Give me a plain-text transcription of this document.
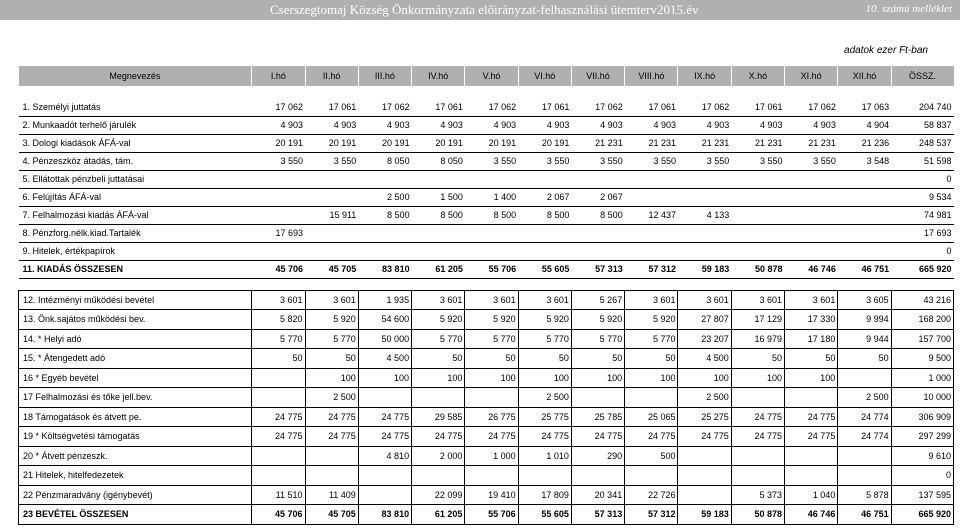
Cserszegtomaj Község Önkormányzata előirányzat-felhasználási ütemterv2015.év	10. számú melléklet
.... ..
adatok ezer Ft-ban
Megnevezés	I.hó	II.hó	III.hó	IV.hó	V.hó	VI.hó	VII.hó	VIII.hó	IX.hó	X.hó	XI.hó	XII.hó	ÖSSZ.

1. Személyi juttatás	17 062	17 061	17 062	17 061	17 062	17 061	17 062	17 061	17 062	17 061	17 062	17 063	204 740
2. Munkaadót terhelő járulék	4 903	4 903	4 903	4 903	4 903	4 903	4 903	4 903	4 903	4 903	4 903	4 904	58 837
3. Dologi kiadások ÁFÁ-val	20 191	20 191	20 191	20 191	20 191	20 191	21 231	21 231	21 231	21 231	21 231	21 236	248 537
4. Pénzeszköz átadás, tám.	3 550	3 550	8 050	8 050	3 550	3 550	3 550	3 550	3 550	3 550	3 550	3 548	51 598
5. Ellátottak pénzbeli juttatásai													0
6. Felújítás ÁFÁ-val			2 500	1 500	1 400	2 067	2 067						9 534
7. Felhalmozási kiadás ÁFÁ-val		15 911	8 500	8 500	8 500	8 500	8 500	12 437	4 133				74 981
8. Pénzforg.nélk.kiad.Tartalék	17 693												17 693
9. Hitelek, értékpapírok													0
11. KIADÁS ÖSSZESEN	45 706	45 705	83 810	61 205	55 706	55 605	57 313	57 312	59 183	50 878	46 746	46 751	665 920

12. Intézményi működési bevétel	3 601	3 601	1 935	3 601	3 601	3 601	5 267	3 601	3 601	3 601	3 601	3 605	43 216
13. Önk.sajátos működési bev.	5 820	5 920	54 600	5 920	5 920	5 920	5 920	5 920	27 807	17 129	17 330	9 994	168 200
14. * Helyi adó	5 770	5 770	50 000	5 770	5 770	5 770	5 770	5 770	23 207	16 979	17 180	9 944	157 700
15. * Átengedett adó	50	50	4 500	50	50	50	50	50	4 500	50	50	50	9 500
16 * Egyéb bevétel		100	100	100	100	100	100	100	100	100	100		1 000
17 Felhalmozási és tőke jell.bev.		2 500				2 500			2 500			2 500	10 000
18 Támogatások és átvett pe.	24 775	24 775	24 775	29 585	26 775	25 775	25 785	25 065	25 275	24 775	24 775	24 774	306 909
19 * Költségvetési támogatás	24 775	24 775	24 775	24 775	24 775	24 775	24 775	24 775	24 775	24 775	24 775	24 774	297 299
20 * Átvett pénzeszk.			4 810	2 000	1 000	1 010	290	500					9 610
21 Hitelek, hitelfedezetek													0
22 Pénzmaradvány (igénybevét)	11 510	11 409		22 099	19 410	17 809	20 341	22 726		5 373	1 040	5 878	137 595
23 BEVÉTEL ÖSSZESEN	45 706	45 705	83 810	61 205	55 706	55 605	57 313	57 312	59 183	50 878	46 746	46 751	665 920
